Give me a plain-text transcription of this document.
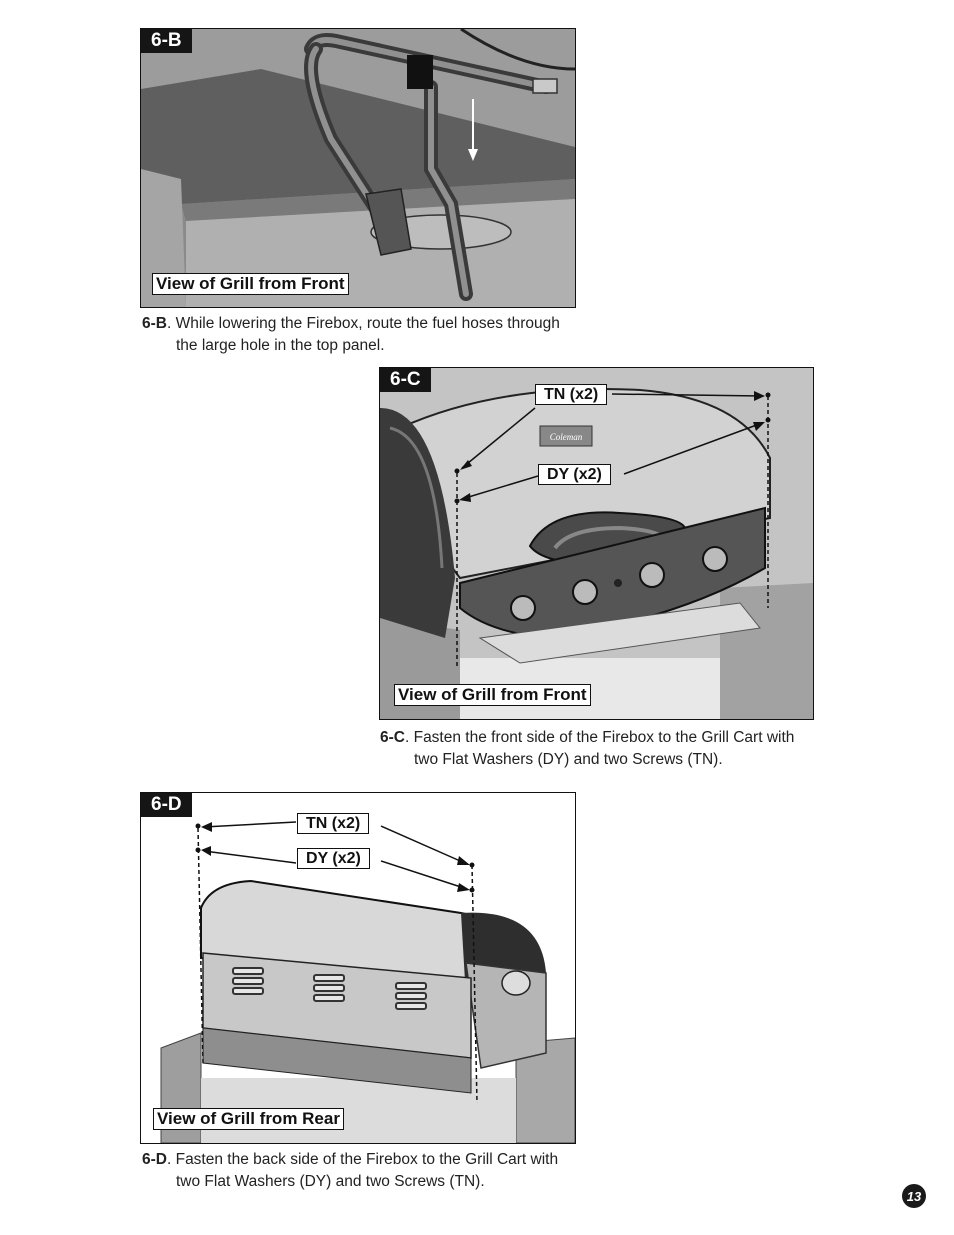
6-B
View of Grill from Front
6-B. While lowering the Firebox, route the fuel hoses through
the large hole in the top panel.
Coleman
6-C
TN (x2)
DY (x2)
View of Grill from Front
6-C. Fasten the front side of the Firebox to the Grill Cart with
two Flat Washers (DY) and two Screws (TN).
6-D
TN (x2)
DY (x2)
View of Grill from Rear
6-D. Fasten the back side of the Firebox to the Grill Cart with
two Flat Washers (DY) and two Screws (TN).
13
